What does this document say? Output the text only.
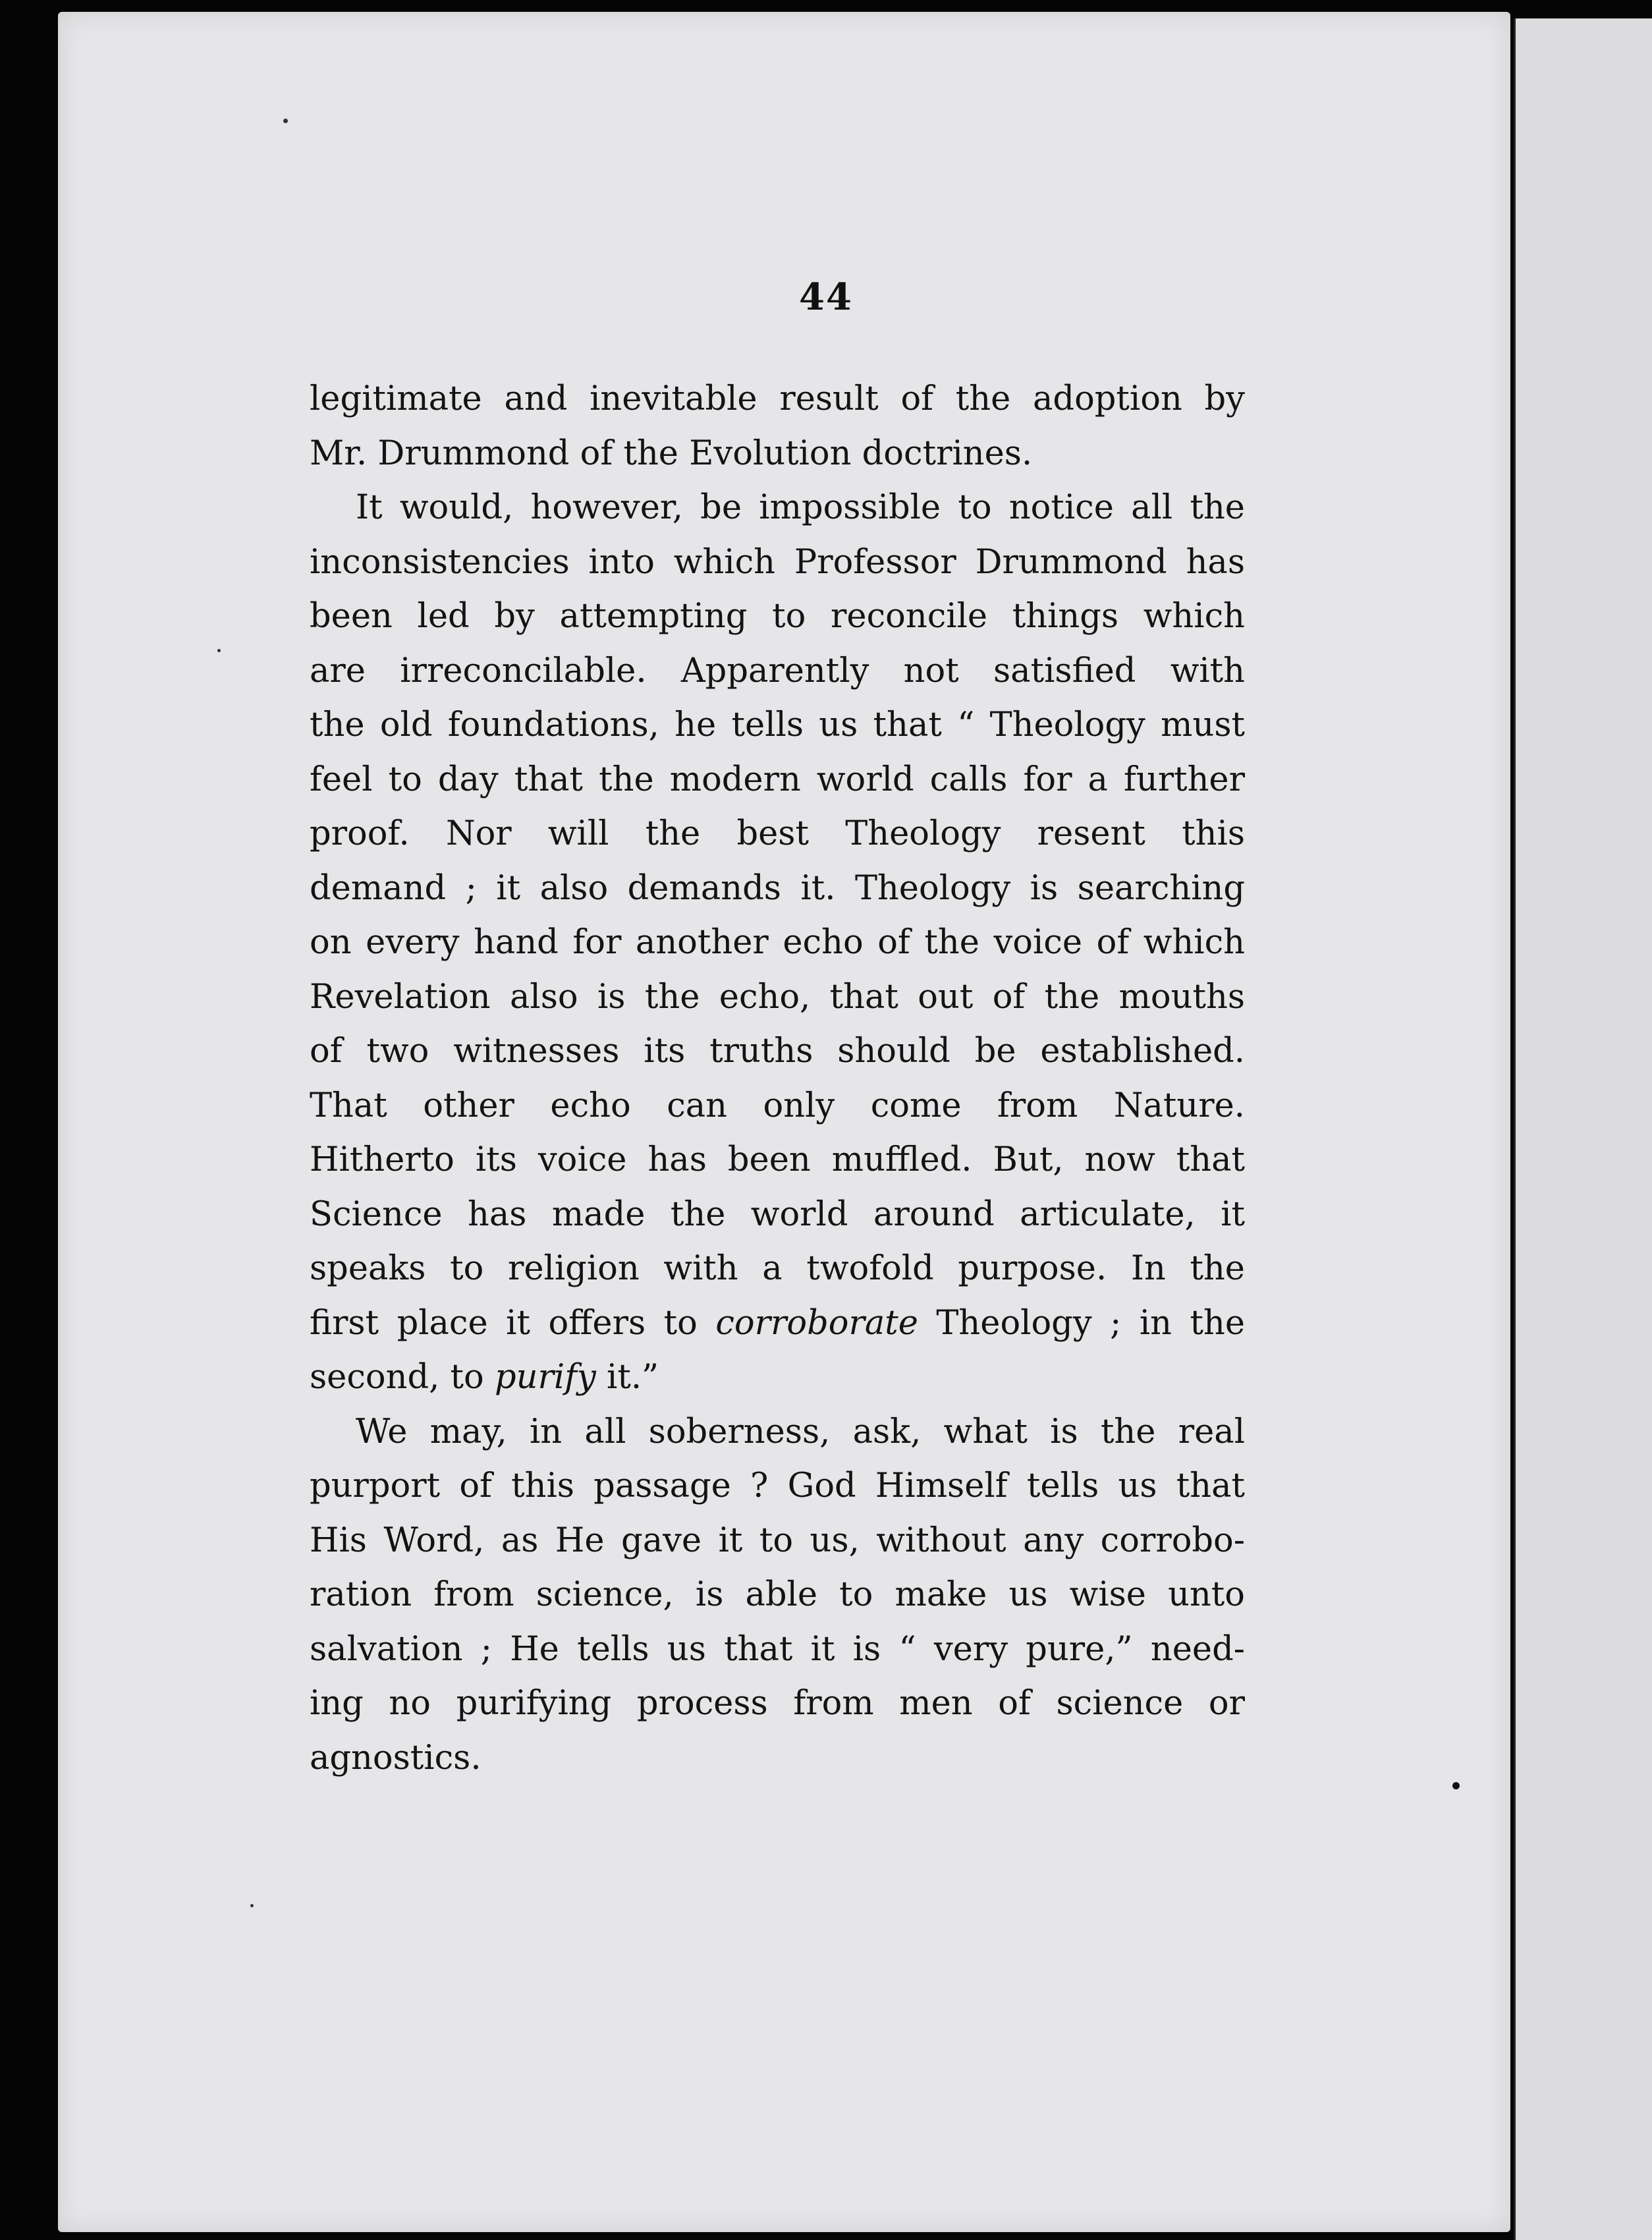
44

legitimate and inevitable result of the adoption by

Mr. Drummond of the Evolution doctrines.

It would, however, be impossible to notice all the

inconsistencies into which Professor Drummond has

been led by attempting to reconcile things which

are irreconcilable. Apparently not satisfied with

the old foundations, he tells us that “ Theology must

feel to day that the modern world calls for a further

proof. Nor will the best Theology resent this

demand ; it also demands it. Theology is searching

on every hand for another echo of the voice of which

Revelation also is the echo, that out of the mouths

of two witnesses its truths should be established.

That other echo can only come from Nature.

Hitherto its voice has been muffled. But, now that

Science has made the world around articulate, it

speaks to religion with a twofold purpose. In the

first place it offers to corroborate Theology ; in the

second, to purify it.”

We may, in all soberness, ask, what is the real

purport of this passage ? God Himself tells us that

His Word, as He gave it to us, without any corrobo-

ration from science, is able to make us wise unto

salvation ; He tells us that it is “ very pure,” need-

ing no purifying process from men of science or

agnostics.
